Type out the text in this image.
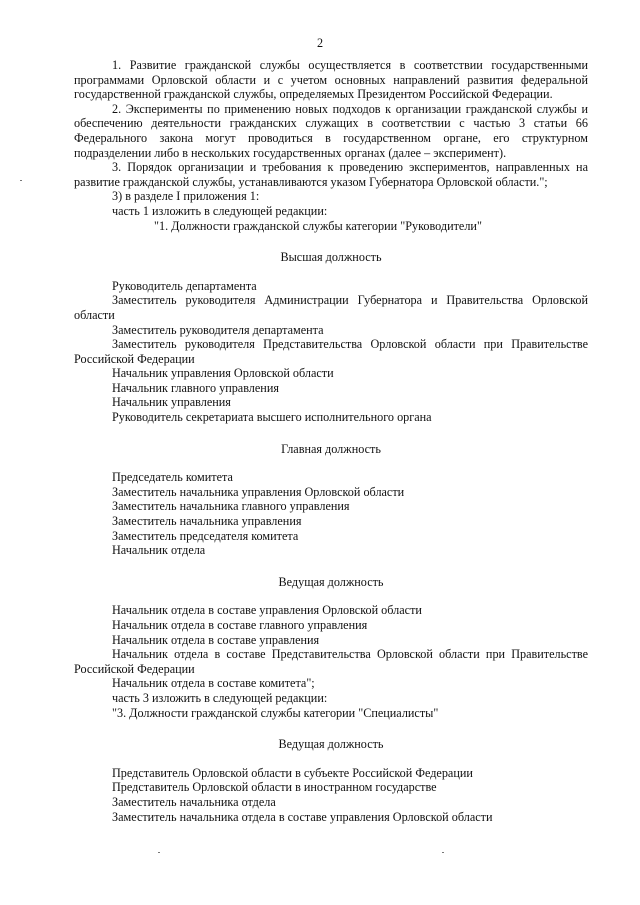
2

1. Развитие гражданской службы осуществляется в соответствии государственными программами Орловской области и с учетом основных направлений развития федеральной государственной гражданской службы, определяемых Президентом Российской Федерации.

2. Эксперименты по применению новых подходов к организации гражданской службы и обеспечению деятельности гражданских служащих в соответствии с частью 3 статьи 66 Федерального закона могут проводиться в государственном органе, его структурном подразделении либо в нескольких государственных органах (далее – эксперимент).

3. Порядок организации и требования к проведению экспериментов, направленных на развитие гражданской службы, устанавливаются указом Губернатора Орловской области.";

3) в разделе I приложения 1:

часть 1 изложить в следующей редакции:

"1. Должности гражданской службы категории "Руководители"

Высшая должность

Руководитель департамента

Заместитель руководителя Администрации Губернатора и Правительства Орловской области

Заместитель руководителя департамента

Заместитель руководителя Представительства Орловской области при Правительстве Российской Федерации

Начальник управления Орловской области

Начальник главного управления

Начальник управления

Руководитель секретариата высшего исполнительного органа

Главная должность

Председатель комитета

Заместитель начальника управления Орловской области

Заместитель начальника главного управления

Заместитель начальника управления

Заместитель председателя комитета

Начальник отдела

Ведущая должность

Начальник отдела в составе управления Орловской области

Начальник отдела в составе главного управления

Начальник отдела в составе управления

Начальник отдела в составе Представительства Орловской области при Правительстве Российской Федерации

Начальник отдела в составе комитета";

часть 3 изложить в следующей редакции:

"3. Должности гражданской службы категории "Специалисты"

Ведущая должность

Представитель Орловской области в субъекте Российской Федерации

Представитель Орловской области в иностранном государстве

Заместитель начальника отдела

Заместитель начальника отдела в составе управления Орловской области
